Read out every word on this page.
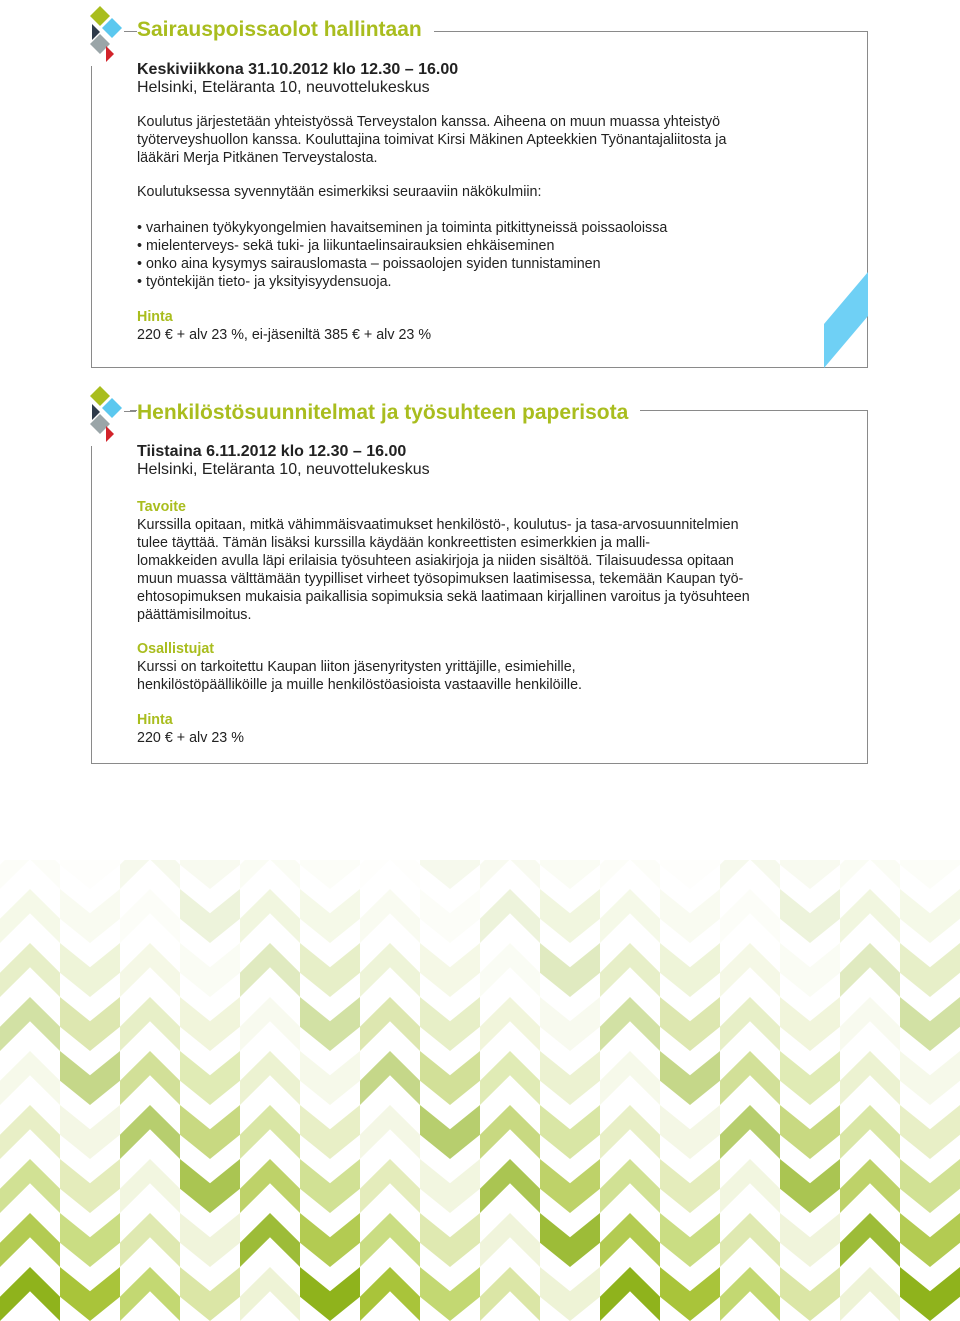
Sairauspoissaolot hallintaan
Keskiviikkona 31.10.2012 klo 12.30 – 16.00
Helsinki, Eteläranta 10, neuvottelukeskus
Koulutus järjestetään yhteistyössä Terveystalon kanssa. Aiheena on muun muassa yhteistyö
työterveyshuollon kanssa. Kouluttajina toimivat Kirsi Mäkinen Apteekkien Työnantajaliitosta ja
lääkäri Merja Pitkänen Terveystalosta.
Koulutuksessa syvennytään esimerkiksi seuraaviin näkökulmiin:
• varhainen työkykyongelmien havaitseminen ja toiminta pitkittyneissä poissaoloissa
• mielenterveys- sekä tuki- ja liikuntaelinsairauksien ehkäiseminen
• onko aina kysymys sairauslomasta – poissaolojen syiden tunnistaminen
• työntekijän tieto- ja yksityisyydensuoja.
Hinta
220 € + alv 23 %, ei-jäseniltä 385 € + alv 23 %
Henkilöstösuunnitelmat ja työsuhteen paperisota
Tiistaina 6.11.2012 klo 12.30 – 16.00
Helsinki, Eteläranta 10, neuvottelukeskus
Tavoite
Kurssilla opitaan, mitkä vähimmäisvaatimukset henkilöstö-, koulutus- ja tasa-arvosuunnitelmien
tulee täyttää. Tämän lisäksi kurssilla käydään konkreettisten esimerkkien ja malli-
lomakkeiden avulla läpi erilaisia työsuhteen asiakirjoja ja niiden sisältöä. Tilaisuudessa opitaan
muun muassa välttämään tyypilliset virheet työsopimuksen laatimisessa, tekemään Kaupan työ-
ehtosopimuksen mukaisia paikallisia sopimuksia sekä laatimaan kirjallinen varoitus ja työsuhteen
päättämisilmoitus.
Osallistujat
Kurssi on tarkoitettu Kaupan liiton jäsenyritysten yrittäjille, esimiehille,
henkilöstöpäälliköille ja muille henkilöstöasioista vastaaville henkilöille.
Hinta
220 € + alv 23 %
